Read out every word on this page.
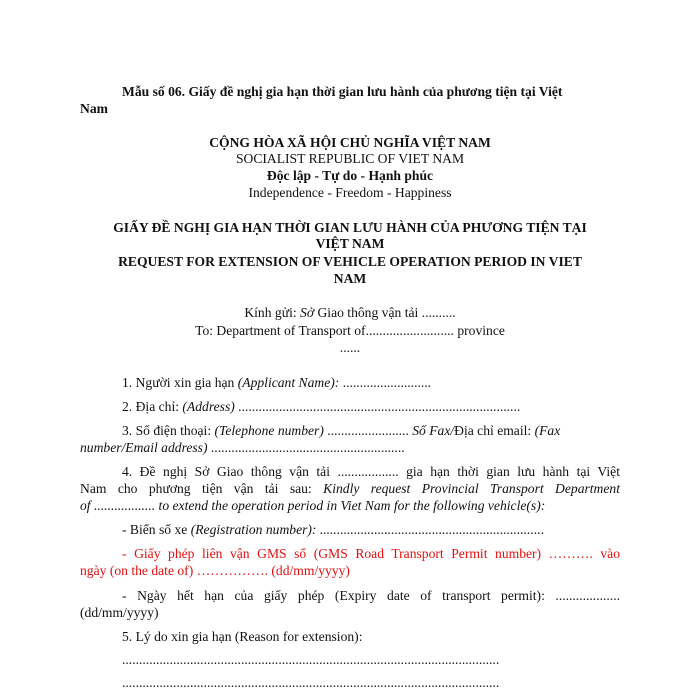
Mẫu số 06. Giấy đề nghị gia hạn thời gian lưu hành của phương tiện tại Việt
Nam
CỘNG HÒA XÃ HỘI CHỦ NGHĨA VIỆT NAM
SOCIALIST REPUBLIC OF VIET NAM
Độc lập - Tự do - Hạnh phúc
Independence - Freedom - Happiness
GIẤY ĐỀ NGHỊ GIA HẠN THỜI GIAN LƯU HÀNH CỦA PHƯƠNG TIỆN TẠI
VIỆT NAM
REQUEST FOR EXTENSION OF VEHICLE OPERATION PERIOD IN VIET
NAM
Kính gửi: Sở Giao thông vận tải ..........
To: Department of Transport of.......................... province
......
1. Người xin gia hạn (Applicant Name): ..........................
2. Địa chỉ: (Address) ...................................................................................
3. Số điện thoại: (Telephone number) ........................ Số Fax/Địa chỉ email: (Fax
number/Email address) .........................................................
4. Đề nghị Sở Giao thông vận tải .................. gia hạn thời gian lưu hành tại Việt
Nam cho phương tiện vận tải sau: Kindly request Provincial Transport Department
of .................. to extend the operation period in Viet Nam for the following vehicle(s):
- Biển số xe (Registration number): ..................................................................
- Giấy phép liên vận GMS số (GMS Road Transport Permit number) ………. vào
ngày (on the date of) ……………. (dd/mm/yyyy)
- Ngày hết hạn của giấy phép (Expiry date of transport permit): ...................
(dd/mm/yyyy)
5. Lý do xin gia hạn (Reason for extension):
...............................................................................................................
...............................................................................................................
